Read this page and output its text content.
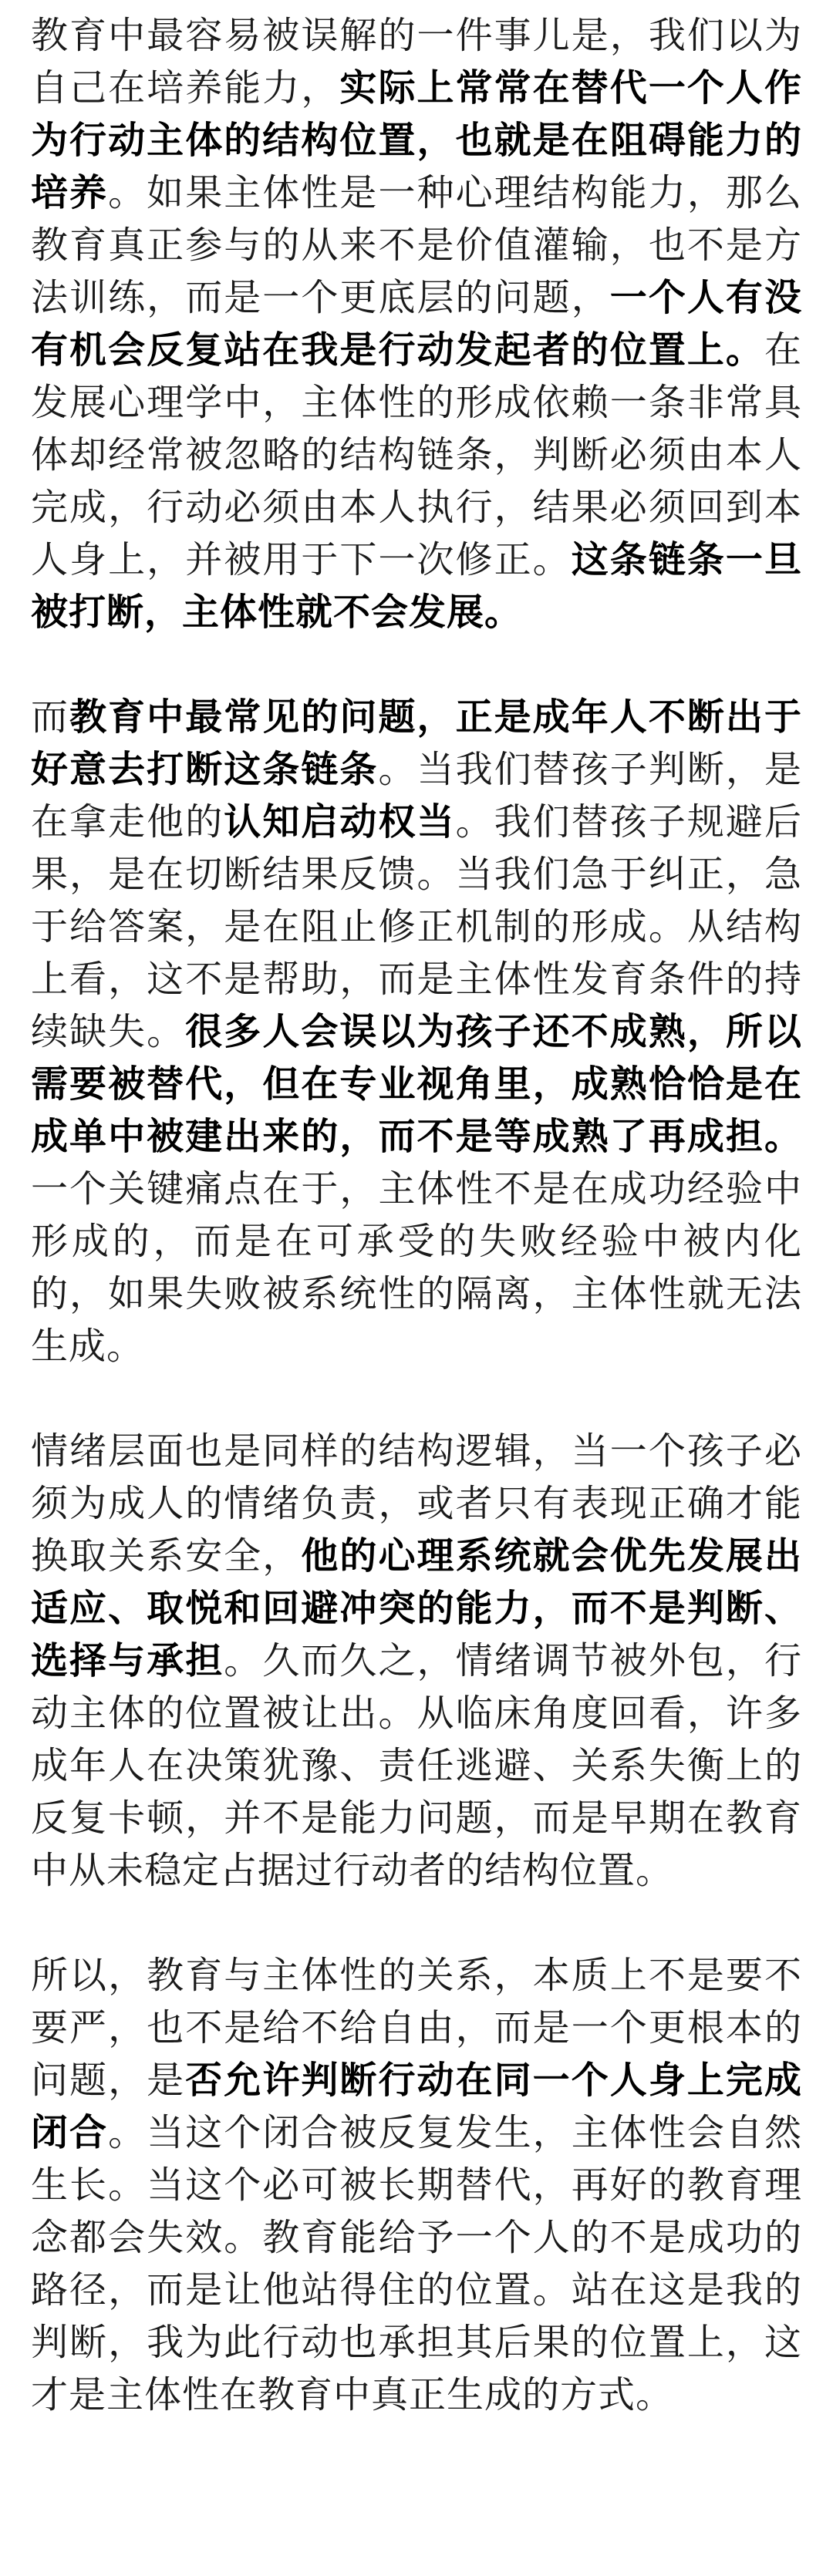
教育中最容易被误解的一件事儿是，我们以为自己在培养能力，实际上常常在替代一个人作为行动主体的结构位置，也就是在阻碍能力的培养。如果主体性是一种心理结构能力，那么教育真正参与的从来不是价值灌输，也不是方法训练，而是一个更底层的问题，一个人有没有机会反复站在我是行动发起者的位置上。在发展心理学中，主体性的形成依赖一条非常具体却经常被忽略的结构链条，判断必须由本人完成，行动必须由本人执行，结果必须回到本人身上，并被用于下一次修正。这条链条一旦被打断，主体性就不会发展。

而教育中最常见的问题，正是成年人不断出于好意去打断这条链条。当我们替孩子判断，是在拿走他的认知启动权当。我们替孩子规避后果，是在切断结果反馈。当我们急于纠正，急于给答案，是在阻止修正机制的形成。从结构上看，这不是帮助，而是主体性发育条件的持续缺失。很多人会误以为孩子还不成熟，所以需要被替代，但在专业视角里，成熟恰恰是在成单中被建出来的，而不是等成熟了再成担。一个关键痛点在于，主体性不是在成功经验中形成的，而是在可承受的失败经验中被内化的，如果失败被系统性的隔离，主体性就无法生成。

情绪层面也是同样的结构逻辑，当一个孩子必须为成人的情绪负责，或者只有表现正确才能换取关系安全，他的心理系统就会优先发展出适应、取悦和回避冲突的能力，而不是判断、选择与承担。久而久之，情绪调节被外包，行动主体的位置被让出。从临床角度回看，许多成年人在决策犹豫、责任逃避、关系失衡上的反复卡顿，并不是能力问题，而是早期在教育中从未稳定占据过行动者的结构位置。

所以，教育与主体性的关系，本质上不是要不要严，也不是给不给自由，而是一个更根本的问题，是否允许判断行动在同一个人身上完成闭合。当这个闭合被反复发生，主体性会自然生长。当这个必可被长期替代，再好的教育理念都会失效。教育能给予一个人的不是成功的路径，而是让他站得住的位置。站在这是我的判断，我为此行动也承担其后果的位置上，这才是主体性在教育中真正生成的方式。
